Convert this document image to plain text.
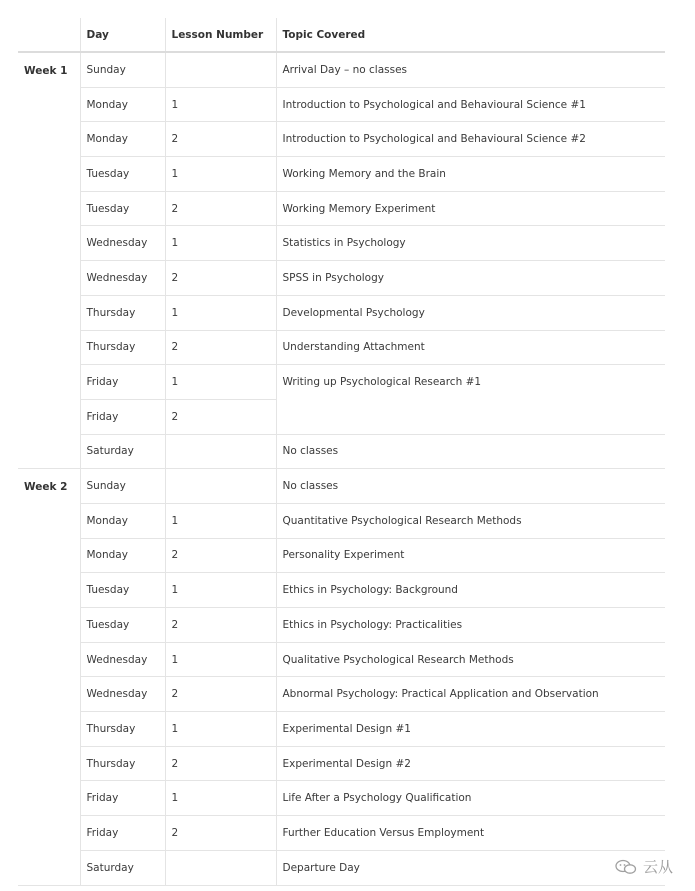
	Day	Lesson Number	Topic Covered
Week 1	Sunday		Arrival Day – no classes
	Monday	1	Introduction to Psychological and Behavioural Science #1
	Monday	2	Introduction to Psychological and Behavioural Science #2
	Tuesday	1	Working Memory and the Brain
	Tuesday	2	Working Memory Experiment
	Wednesday	1	Statistics in Psychology
	Wednesday	2	SPSS in Psychology
	Thursday	1	Developmental Psychology
	Thursday	2	Understanding Attachment
	Friday	1	Writing up Psychological Research #1
	Friday	2	
	Saturday		No classes
Week 2	Sunday		No classes
	Monday	1	Quantitative Psychological Research Methods
	Monday	2	Personality Experiment
	Tuesday	1	Ethics in Psychology: Background
	Tuesday	2	Ethics in Psychology: Practicalities
	Wednesday	1	Qualitative Psychological Research Methods
	Wednesday	2	Abnormal Psychology: Practical Application and Observation
	Thursday	1	Experimental Design #1
	Thursday	2	Experimental Design #2
	Friday	1	Life After a Psychology Qualification
	Friday	2	Further Education Versus Employment
	Saturday		Departure Day	云从
